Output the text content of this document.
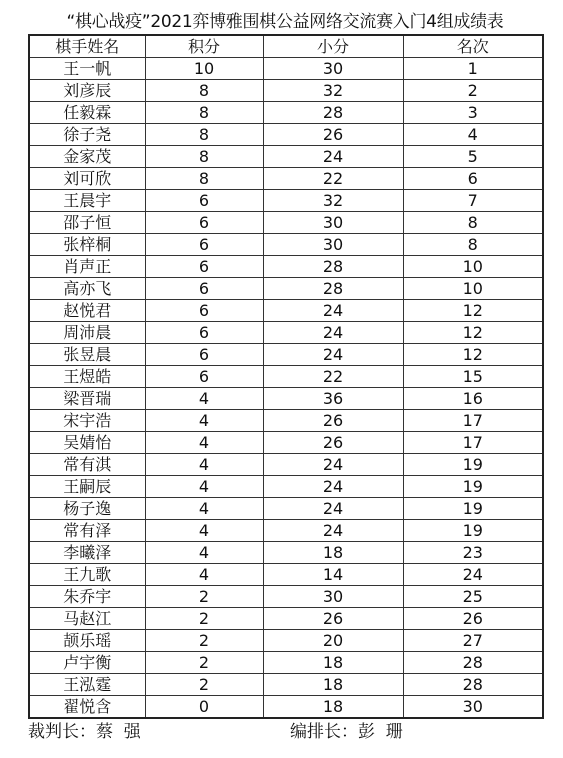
“棋心战疫”2021弈博雅围棋公益网络交流赛入门4组成绩表
棋手姓名	积分	小分	名次
王一帆	10	30	1
刘彦辰	8	32	2
任毅霖	8	28	3
徐子尧	8	26	4
金家茂	8	24	5
刘可欣	8	22	6
王晨宇	6	32	7
邵子恒	6	30	8
张梓桐	6	30	8
肖声正	6	28	10
高亦飞	6	28	10
赵悦君	6	24	12
周沛晨	6	24	12
张昱晨	6	24	12
王煜皓	6	22	15
梁晋瑞	4	36	16
宋宇浩	4	26	17
吴婧怡	4	26	17
常有淇	4	24	19
王嗣辰	4	24	19
杨子逸	4	24	19
常有泽	4	24	19
李曦泽	4	18	23
王九歌	4	14	24
朱乔宇	2	30	25
马赵江	2	26	26
颉乐瑶	2	20	27
卢宇衡	2	18	28
王泓霆	2	18	28
翟悦含	0	18	30
裁判长：蔡  强	编排长：彭  珊
